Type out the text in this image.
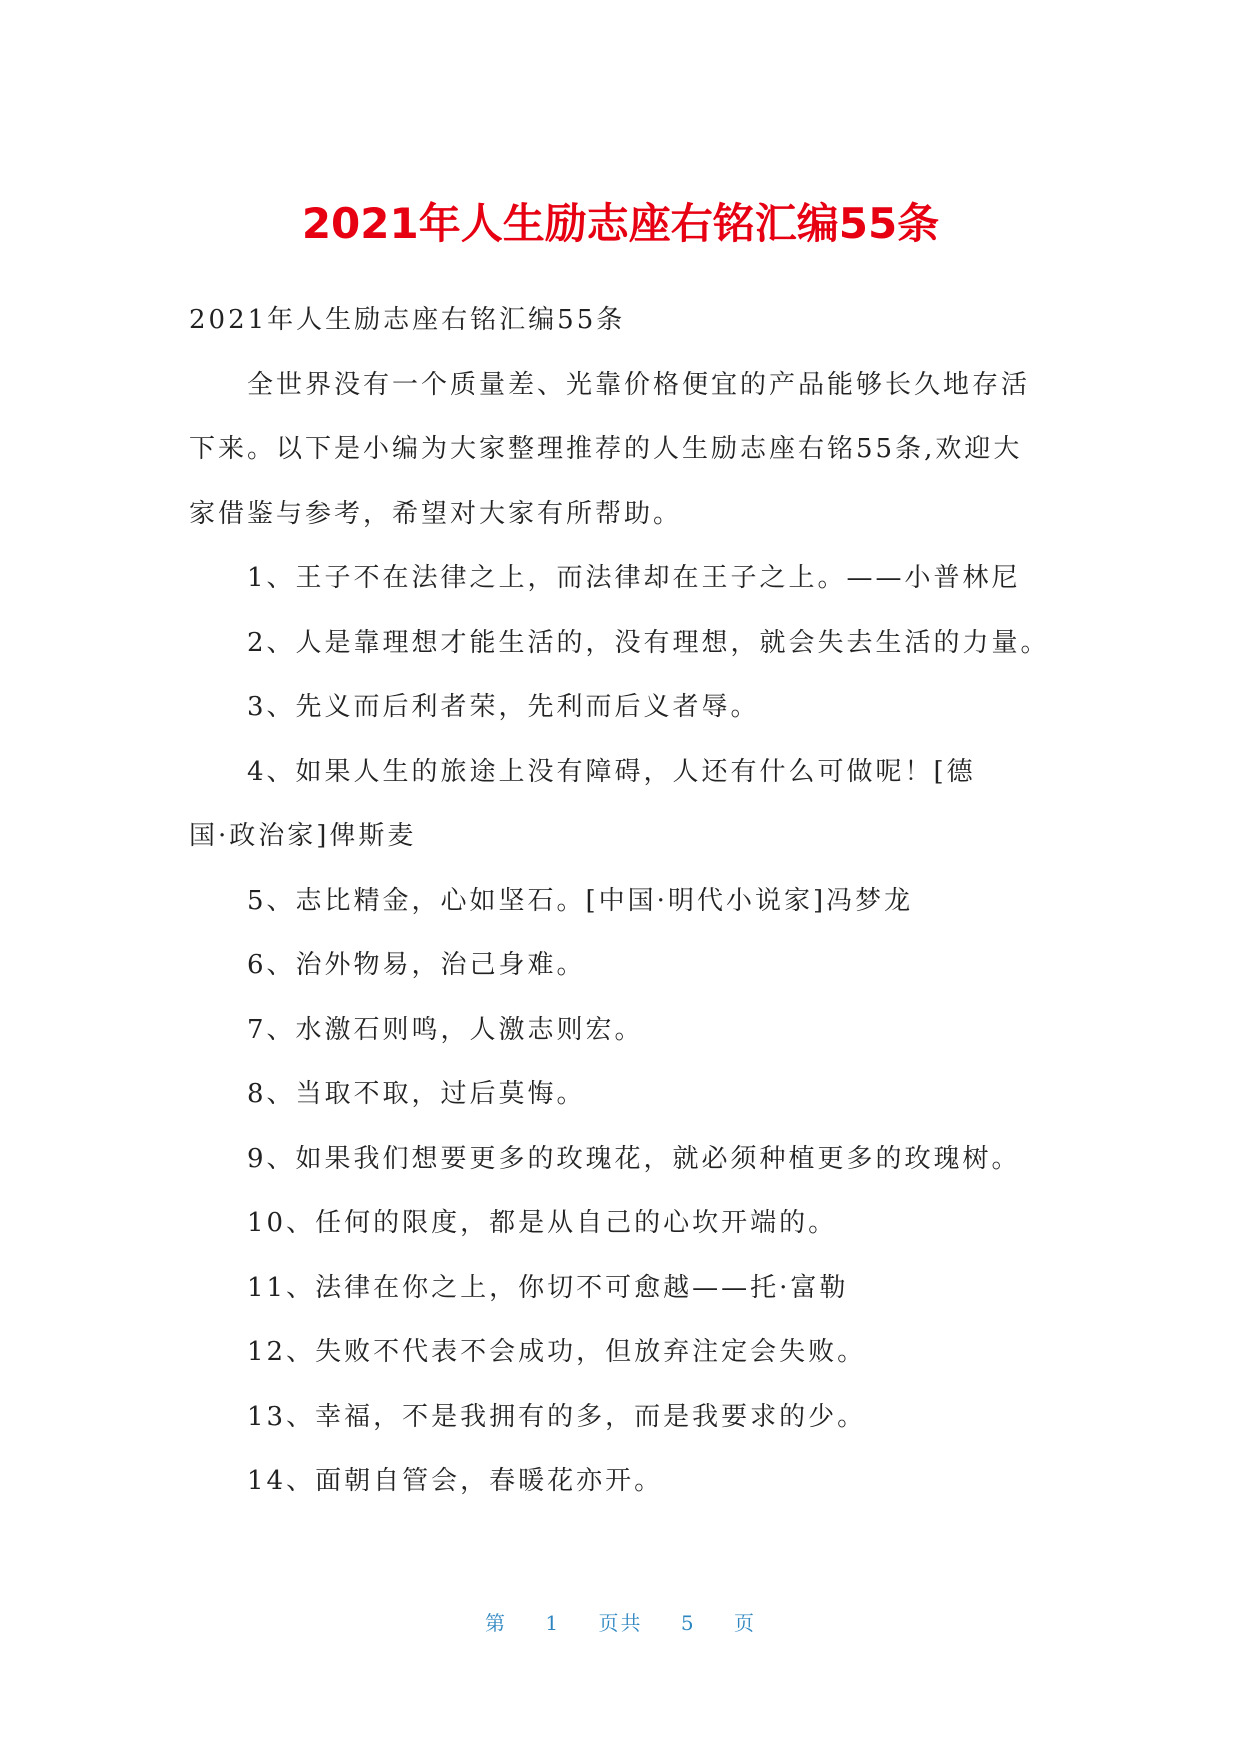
2021年人生励志座右铭汇编55条

2021年人生励志座右铭汇编55条

全世界没有一个质量差、光靠价格便宜的产品能够长久地存活

下来。以下是小编为大家整理推荐的人生励志座右铭55条,欢迎大

家借鉴与参考，希望对大家有所帮助。

1、王子不在法律之上，而法律却在王子之上。——小普林尼

2、人是靠理想才能生活的，没有理想，就会失去生活的力量。

3、先义而后利者荣，先利而后义者辱。

4、如果人生的旅途上没有障碍，人还有什么可做呢！[德

国·政治家]俾斯麦

5、志比精金，心如坚石。[中国·明代小说家]冯梦龙

6、治外物易，治己身难。

7、水激石则鸣，人激志则宏。

8、当取不取，过后莫悔。

9、如果我们想要更多的玫瑰花，就必须种植更多的玫瑰树。

10、任何的限度，都是从自己的心坎开端的。

11、法律在你之上，你切不可愈越——托·富勒

12、失败不代表不会成功，但放弃注定会失败。

13、幸福，不是我拥有的多，而是我要求的少。

14、面朝自管会，春暖花亦开。

第 1 页共 5 页
